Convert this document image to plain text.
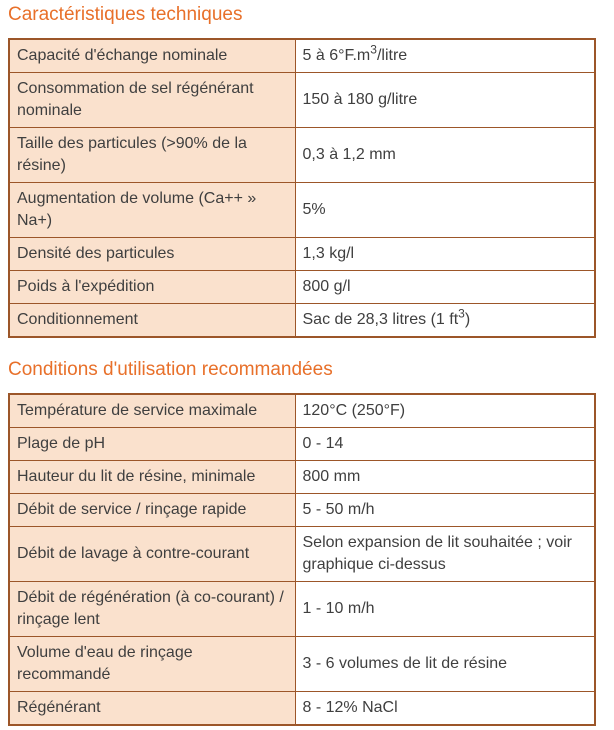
Caractéristiques techniques
Capacité d'échange nominale	5 à $6^\circ F.m^3$/litre
Consommation de sel régénérant nominale	150 à 180 g/litre
Taille des particules (>90% de la résine)	0,3 à 1,2 mm
Augmentation de volume (Ca++ » Na+)	5%
Densité des particules	1,3 kg/l
Poids à l'expédition	800 g/l
Conditionnement	Sac de 28,3 litres (1 $ft^3$)
Conditions d'utilisation recommandées
Température de service maximale	120°C (250°F)
Plage de pH	0 - 14
Hauteur du lit de résine, minimale	800 mm
Débit de service / rinçage rapide	5 - 50 m/h
Débit de lavage à contre-courant	Selon expansion de lit souhaitée ; voir graphique ci-dessus
Débit de régénération (à co-courant) / rinçage lent	1 - 10 m/h
Volume d'eau de rinçage recommandé	3 - 6 volumes de lit de résine
Régénérant	8 - 12% NaCl
